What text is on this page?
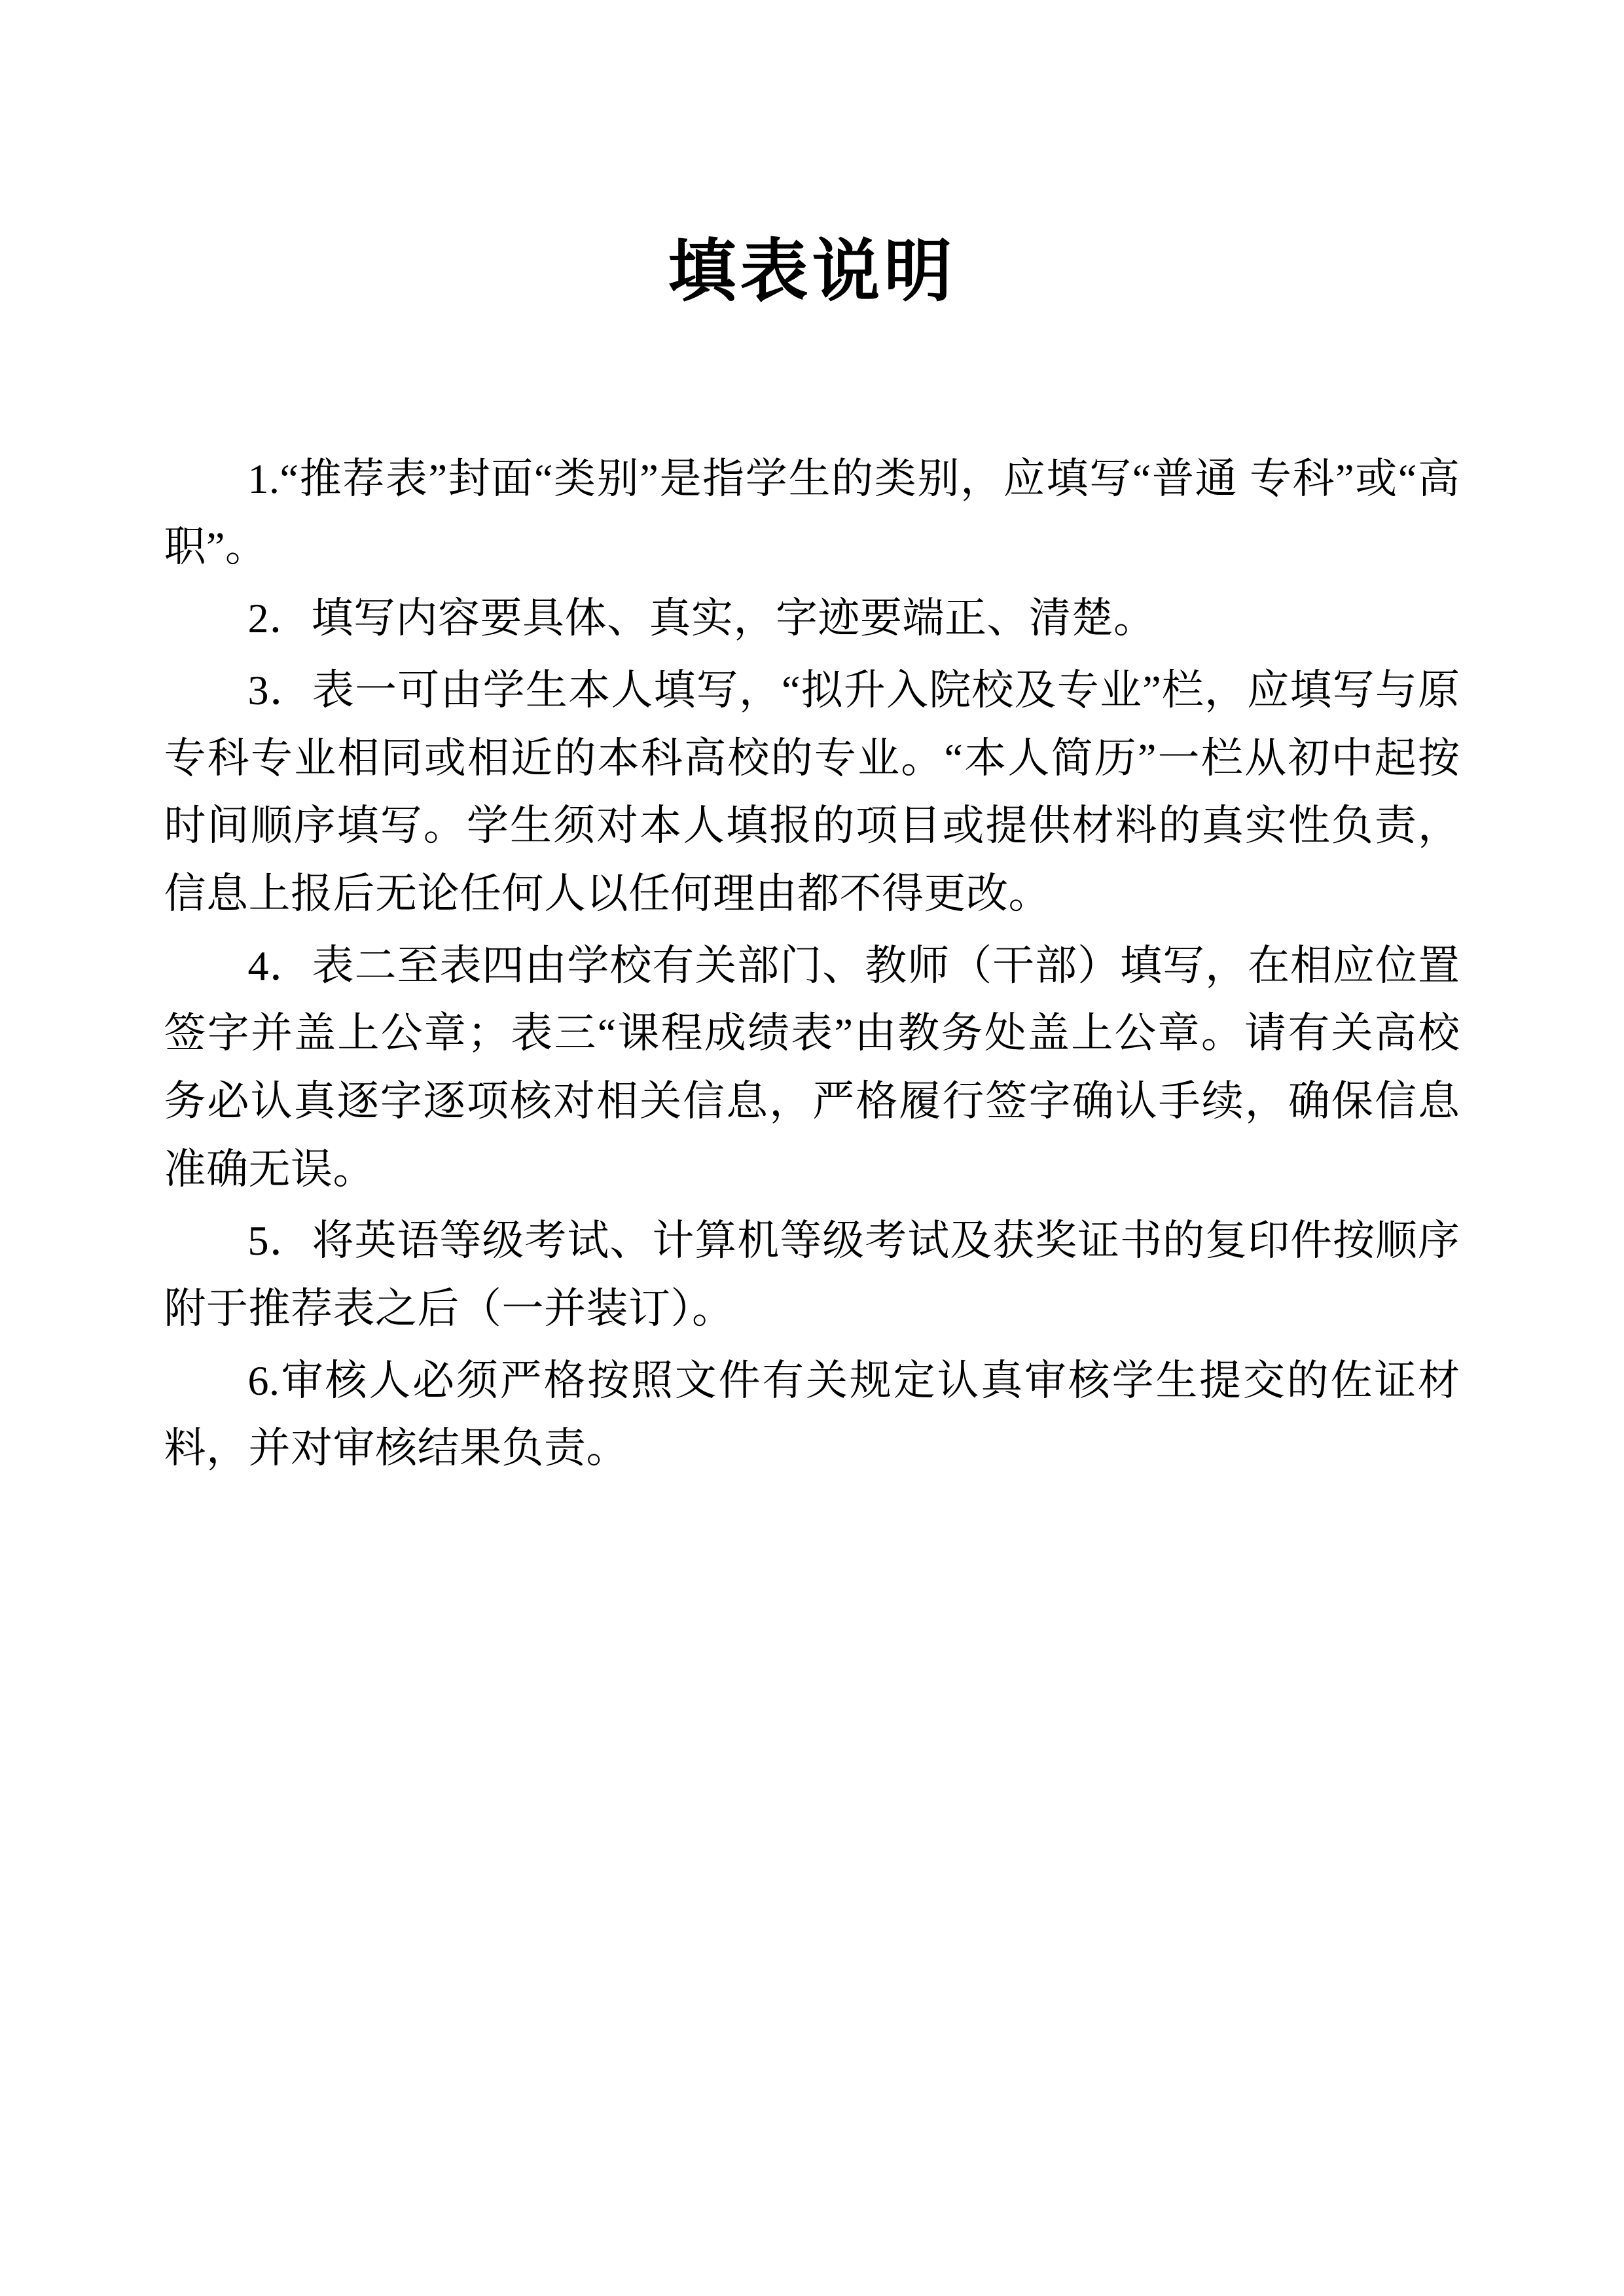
填表说明

1.“推荐表”封面“类别”是指学生的类别，应填写“普通 专科”或“高职”。

2．填写内容要具体、真实，字迹要端正、清楚。

3．表一可由学生本人填写，“拟升入院校及专业”栏，应填写与原专科专业相同或相近的本科高校的专业。“本人简历”一栏从初中起按时间顺序填写。学生须对本人填报的项目或提供材料的真实性负责，信息上报后无论任何人以任何理由都不得更改。

4．表二至表四由学校有关部门、教师（干部）填写，在相应位置签字并盖上公章；表三“课程成绩表”由教务处盖上公章。请有关高校务必认真逐字逐项核对相关信息，严格履行签字确认手续，确保信息准确无误。

5．将英语等级考试、计算机等级考试及获奖证书的复印件按顺序附于推荐表之后（一并装订）。

6.审核人必须严格按照文件有关规定认真审核学生提交的佐证材料，并对审核结果负责。
